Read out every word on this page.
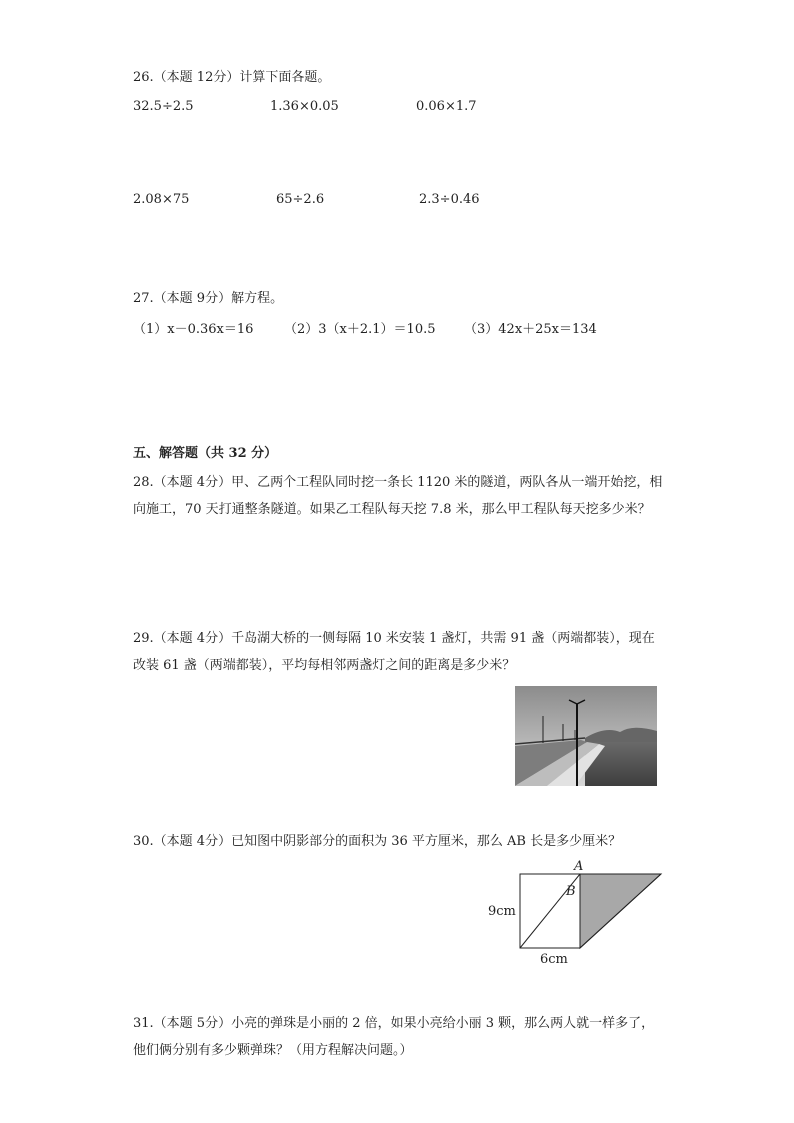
26.（本题 12分）计算下面各题。
32.5÷2.5	1.36×0.05	0.06×1.7
2.08×75	65÷2.6	2.3÷0.46
27.（本题 9分）解方程。
（1）x－0.36x＝16 （2）3（x＋2.1）＝10.5 （3）42x＋25x＝134
五、解答题（共 32 分）
28.（本题 4分）甲、乙两个工程队同时挖一条长 1120 米的隧道，两队各从一端开始挖，相向施工，70 天打通整条隧道。如果乙工程队每天挖 7.8 米，那么甲工程队每天挖多少米？
29.（本题 4分）千岛湖大桥的一侧每隔 10 米安装 1 盏灯，共需 91 盏（两端都装），现在改装 61 盏（两端都装），平均每相邻两盏灯之间的距离是多少米？
30.（本题 4分）已知图中阴影部分的面积为 36 平方厘米，那么 AB 长是多少厘米？
A
B
9cm
6cm
31.（本题 5分）小亮的弹珠是小丽的 2 倍，如果小亮给小丽 3 颗，那么两人就一样多了，他们俩分别有多少颗弹珠？（用方程解决问题。）
